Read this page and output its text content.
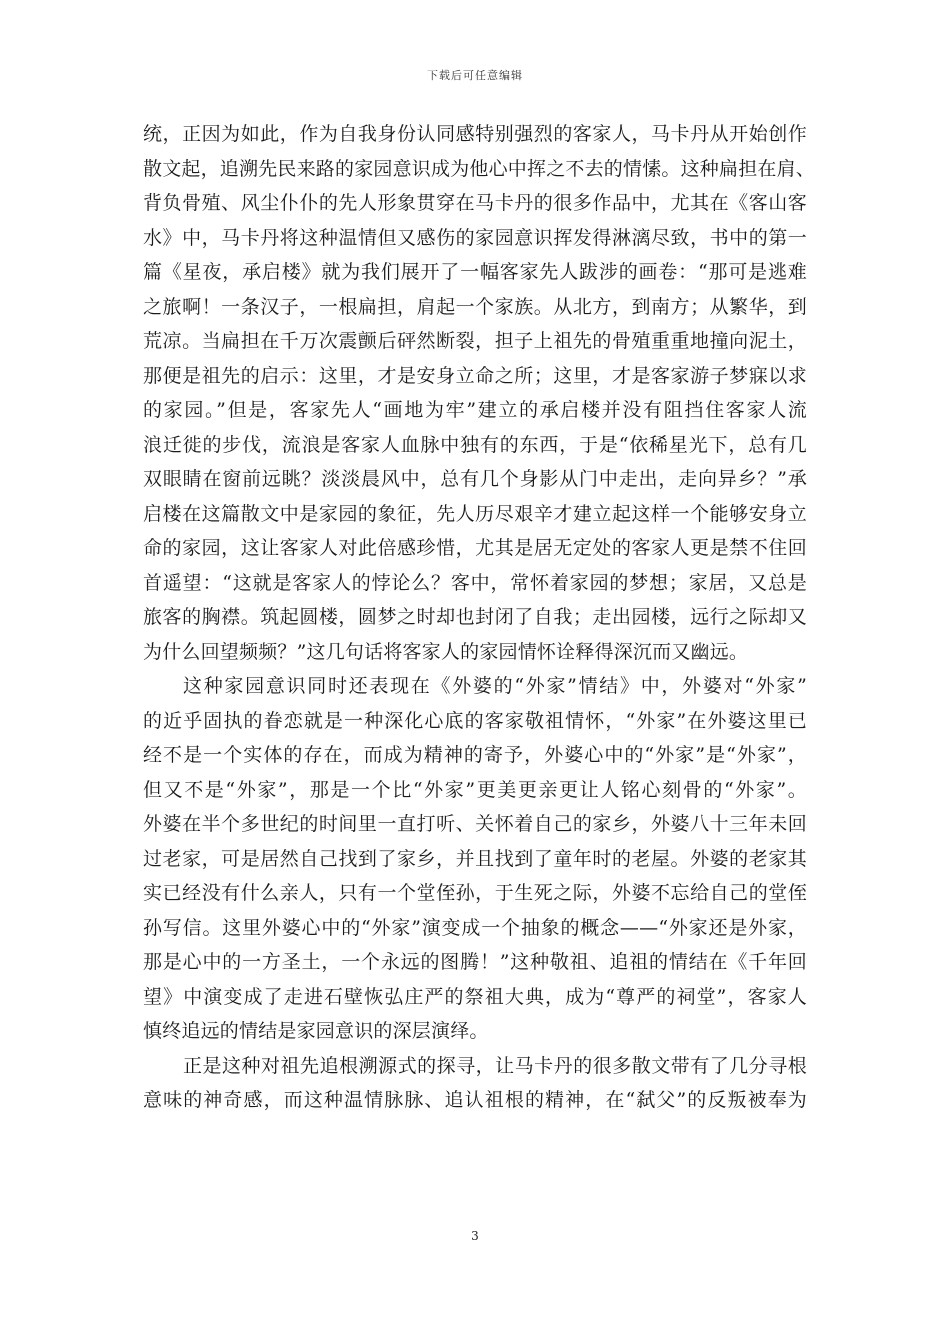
下载后可任意编辑
统，正因为如此，作为自我身份认同感特别强烈的客家人，马卡丹从开始创作
散文起，追溯先民来路的家园意识成为他心中挥之不去的情愫。这种扁担在肩、
背负骨殖、风尘仆仆的先人形象贯穿在马卡丹的很多作品中，尤其在《客山客
水》中，马卡丹将这种温情但又感伤的家园意识挥发得淋漓尽致，书中的第一
篇《星夜，承启楼》就为我们展开了一幅客家先人跋涉的画卷：“那可是逃难
之旅啊！一条汉子，一根扁担，肩起一个家族。从北方，到南方；从繁华，到
荒凉。当扁担在千万次震颤后砰然断裂，担子上祖先的骨殖重重地撞向泥土，
那便是祖先的启示：这里，才是安身立命之所；这里，才是客家游子梦寐以求
的家园。”但是，客家先人“画地为牢”建立的承启楼并没有阻挡住客家人流
浪迁徙的步伐，流浪是客家人血脉中独有的东西，于是“依稀星光下，总有几
双眼睛在窗前远眺？淡淡晨风中，总有几个身影从门中走出，走向异乡？”承
启楼在这篇散文中是家园的象征，先人历尽艰辛才建立起这样一个能够安身立
命的家园，这让客家人对此倍感珍惜，尤其是居无定处的客家人更是禁不住回
首遥望：“这就是客家人的悖论么？客中，常怀着家园的梦想；家居，又总是
旅客的胸襟。筑起圆楼，圆梦之时却也封闭了自我；走出园楼，远行之际却又
为什么回望频频？”这几句话将客家人的家园情怀诠释得深沉而又幽远。
这种家园意识同时还表现在《外婆的“外家”情结》中，外婆对“外家”
的近乎固执的眷恋就是一种深化心底的客家敬祖情怀，“外家”在外婆这里已
经不是一个实体的存在，而成为精神的寄予，外婆心中的“外家”是“外家”，
但又不是“外家”，那是一个比“外家”更美更亲更让人铭心刻骨的“外家”。
外婆在半个多世纪的时间里一直打听、关怀着自己的家乡，外婆八十三年未回
过老家，可是居然自己找到了家乡，并且找到了童年时的老屋。外婆的老家其
实已经没有什么亲人，只有一个堂侄孙，于生死之际，外婆不忘给自己的堂侄
孙写信。这里外婆心中的“外家”演变成一个抽象的概念——“外家还是外家，
那是心中的一方圣土，一个永远的图腾！”这种敬祖、追祖的情结在《千年回
望》中演变成了走进石壁恢弘庄严的祭祖大典，成为“尊严的祠堂”，客家人
慎终追远的情结是家园意识的深层演绎。
正是这种对祖先追根溯源式的探寻，让马卡丹的很多散文带有了几分寻根
意味的神奇感，而这种温情脉脉、追认祖根的精神，在“弑父”的反叛被奉为
3
